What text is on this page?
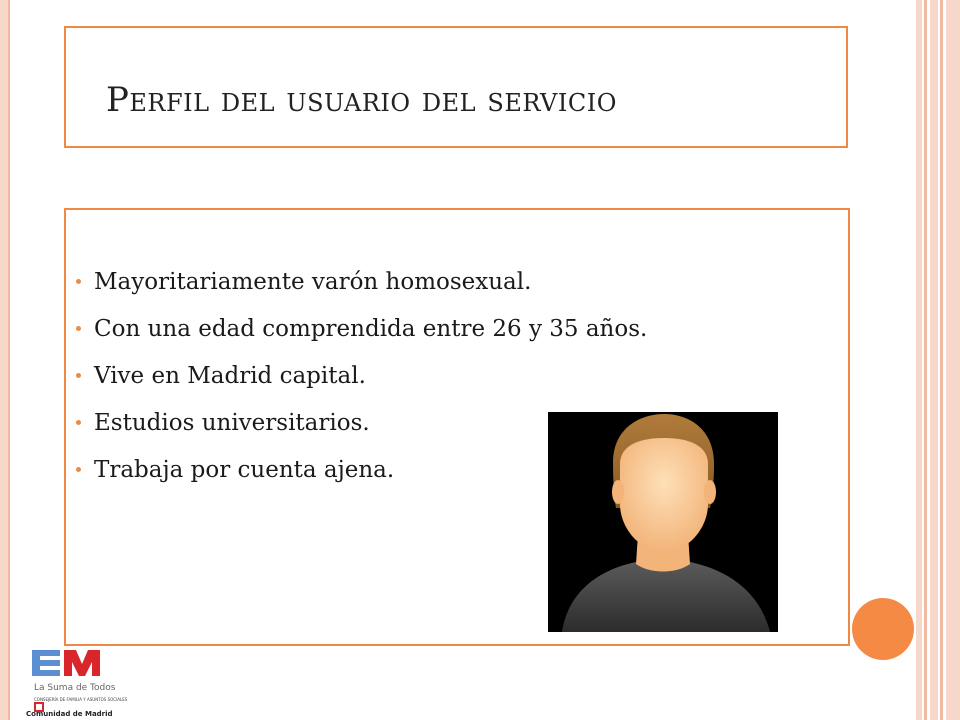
Perfil del usuario del servicio
Mayoritariamente varón homosexual.
Con una edad comprendida entre 26 y 35 años.
Vive en Madrid capital.
Estudios universitarios.
Trabaja por cuenta ajena.
La Suma de Todos
CONSEJERÍA DE FAMILIA Y ASUNTOS SOCIALES
Comunidad de Madrid
